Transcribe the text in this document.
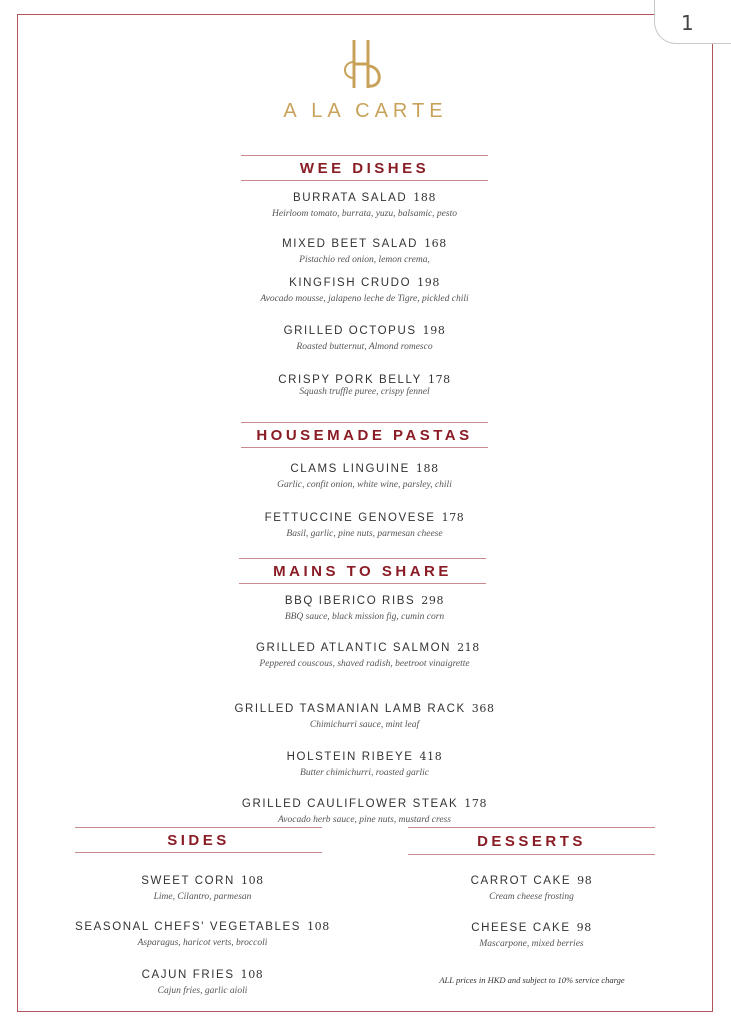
1
A LA CARTE
WEE DISHES
BURRATA SALAD 188
Heirloom tomato, burrata, yuzu, balsamic, pesto
MIXED BEET SALAD 168
Pistachio red onion, lemon crema,
KINGFISH CRUDO 198
Avocado mousse, jalapeno leche de Tigre, pickled chili
GRILLED OCTOPUS 198
Roasted butternut, Almond romesco
CRISPY PORK BELLY 178
Squash truffle puree, crispy fennel
HOUSEMADE PASTAS
CLAMS LINGUINE 188
Garlic, confit onion, white wine, parsley, chili
FETTUCCINE GENOVESE 178
Basil, garlic, pine nuts, parmesan cheese
MAINS TO SHARE
BBQ IBERICO RIBS 298
BBQ sauce, black mission fig, cumin corn
GRILLED ATLANTIC SALMON 218
Peppered couscous, shaved radish, beetroot vinaigrette
GRILLED TASMANIAN LAMB RACK 368
Chimichurri sauce, mint leaf
HOLSTEIN RIBEYE 418
Butter chimichurri, roasted garlic
GRILLED CAULIFLOWER STEAK 178
Avocado herb sauce, pine nuts, mustard cress
SIDES
SWEET CORN 108
Lime, Cilantro, parmesan
SEASONAL CHEFS' VEGETABLES 108
Asparagus, haricot verts, broccoli
CAJUN FRIES 108
Cajun fries, garlic aioli
DESSERTS
CARROT CAKE 98
Cream cheese frosting
CHEESE CAKE 98
Mascarpone, mixed berries
ALL prices in HKD and subject to 10% service charge
